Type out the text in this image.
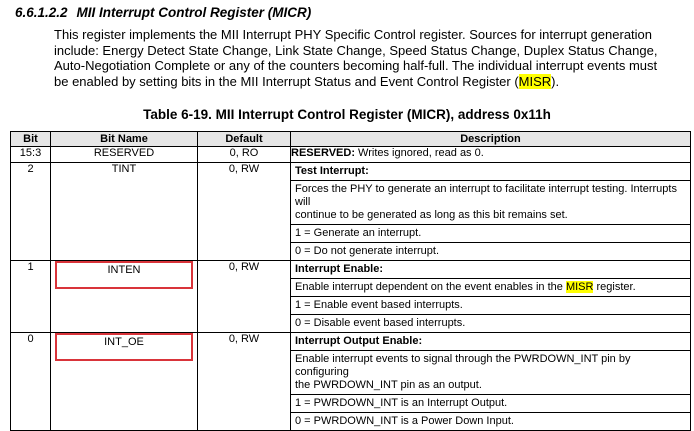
6.6.1.2.2 MII Interrupt Control Register (MICR)
This register implements the MII Interrupt PHY Specific Control register. Sources for interrupt generation
include: Energy Detect State Change, Link State Change, Speed Status Change, Duplex Status Change,
Auto-Negotiation Complete or any of the counters becoming half-full. The individual interrupt events must
be enabled by setting bits in the MII Interrupt Status and Event Control Register (MISR).
Table 6-19. MII Interrupt Control Register (MICR), address 0x11h
Bit	Bit Name	Default	Description
15:3	RESERVED	0, RO	RESERVED: Writes ignored, read as 0.
2	TINT	0, RW	Test Interrupt:
Forces the PHY to generate an interrupt to facilitate interrupt testing. Interrupts will
continue to be generated as long as this bit remains set.
1 = Generate an interrupt.
0 = Do not generate interrupt.

1	INTEN	0, RW	Interrupt Enable:
Enable interrupt dependent on the event enables in the MISR register.
1 = Enable event based interrupts.
0 = Disable event based interrupts.

0	INT_OE	0, RW	Interrupt Output Enable:
Enable interrupt events to signal through the PWRDOWN_INT pin by configuring
the PWRDOWN_INT pin as an output.
1 = PWRDOWN_INT is an Interrupt Output.
0 = PWRDOWN_INT is a Power Down Input.
